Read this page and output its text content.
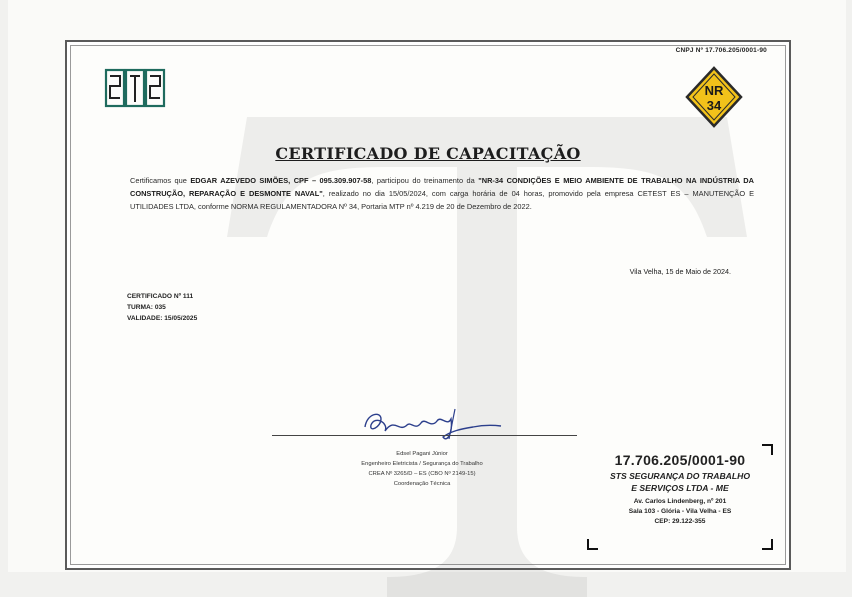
CNPJ Nº 17.706.205/0001-90
NR
34
CERTIFICADO DE CAPACITAÇÃO
Certificamos que EDGAR AZEVEDO SIMÕES, CPF – 095.309.907-58, participou do treinamento da "NR-34 CONDIÇÕES E MEIO AMBIENTE DE TRABALHO NA INDÚSTRIA DA CONSTRUÇÃO, REPARAÇÃO E DESMONTE NAVAL", realizado no dia 15/05/2024, com carga horária de 04 horas, promovido pela empresa CETEST ES – MANUTENÇÃO E UTILIDADES LTDA, conforme NORMA REGULAMENTADORA Nº 34, Portaria MTP nº 4.219 de 20 de Dezembro de 2022.
Vila Velha, 15 de Maio de 2024.
CERTIFICADO Nº 111
TURMA: 035
VALIDADE: 15/05/2025
Edsel Pagani Júnior
Engenheiro Eletricista / Segurança do Trabalho
CREA Nº 3265/D – ES (CBO Nº 2149-15)
Coordenação Técnica
17.706.205/0001-90
STS SEGURANÇA DO TRABALHO
E SERVIÇOS LTDA - ME
Av. Carlos Lindenberg, nº 201
Sala 103 - Glória - Vila Velha - ES
CEP: 29.122-355
